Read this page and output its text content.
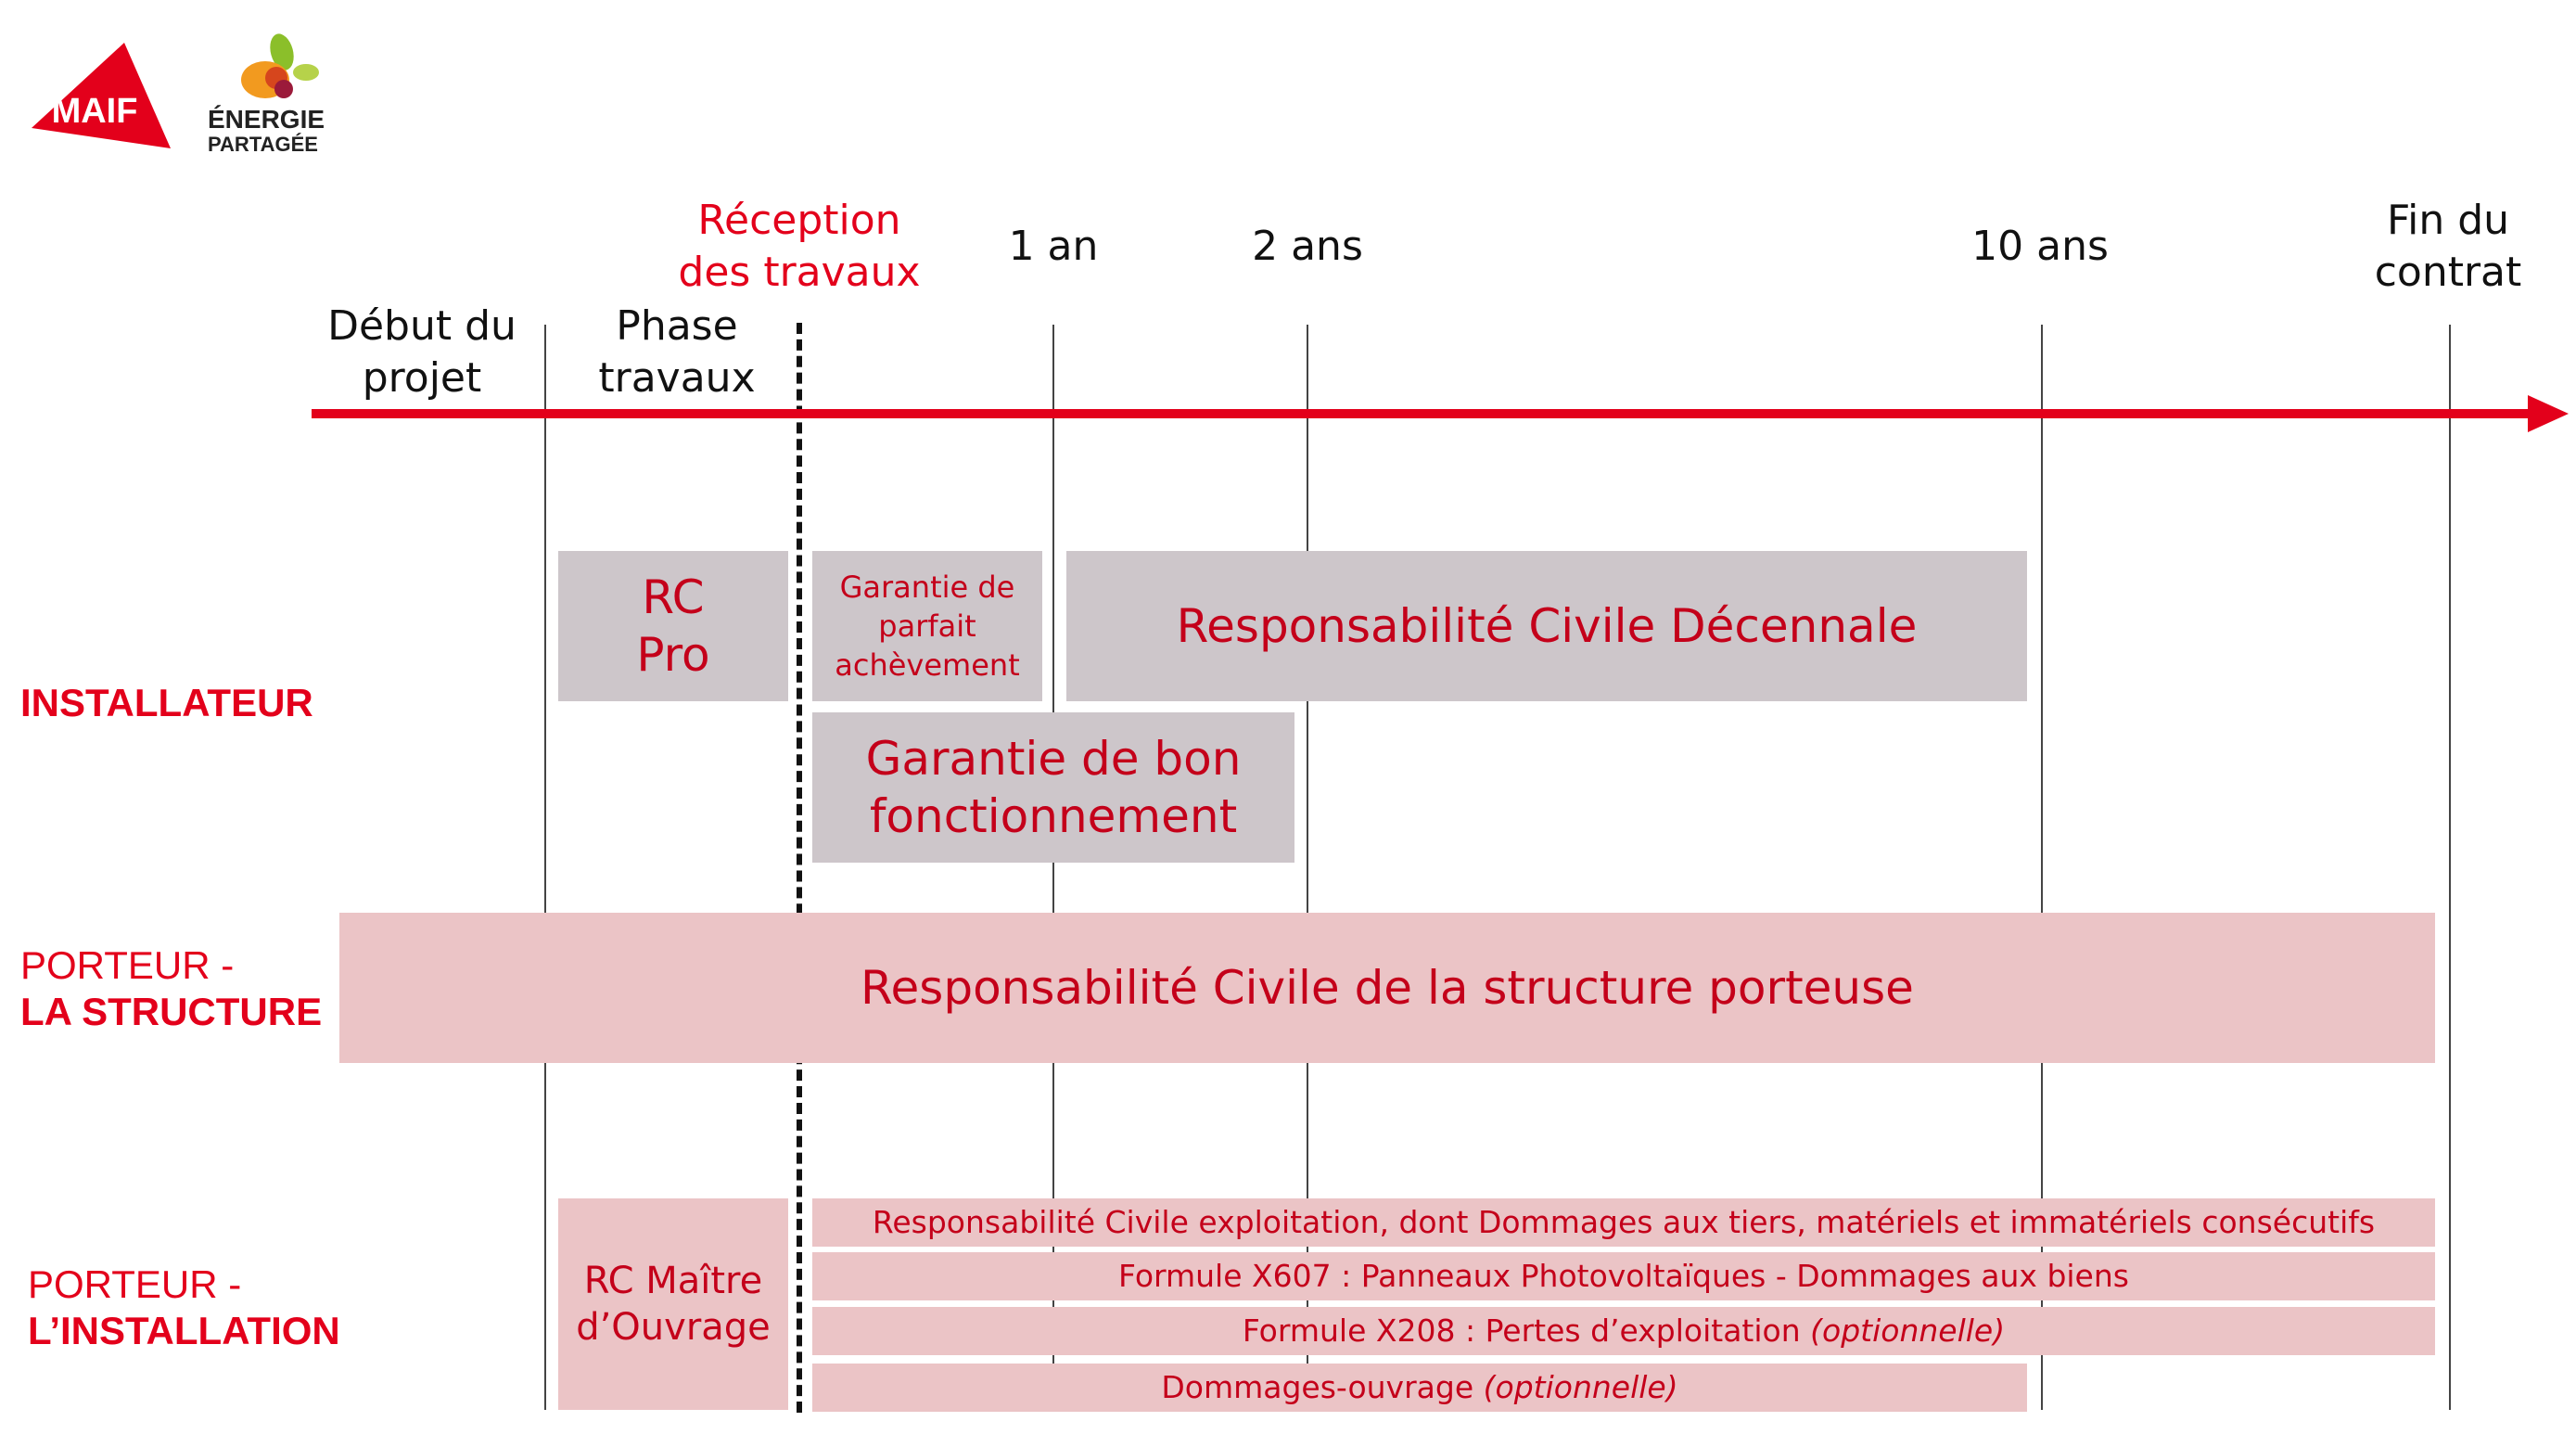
MAIF	ÉNERGIE
PARTAGÉE
Début du
projet
Phase
travaux
Réception
des travaux
1 an	2 ans	10 ans
Fin du
contrat
INSTALLATEUR
PORTEUR -
LA STRUCTURE
PORTEUR -
L’INSTALLATION
RC
Pro
Garantie de
parfait
achèvement
Responsabilité Civile Décennale
Garantie de bon
fonctionnement
Responsabilité Civile de la structure porteuse
RC Maître
d’Ouvrage
Responsabilité Civile exploitation, dont Dommages aux tiers, matériels et immatériels consécutifs
Formule X607 : Panneaux Photovoltaïques - Dommages aux biens
Formule X208 : Pertes d’exploitation (optionnelle)
Dommages-ouvrage (optionnelle)
